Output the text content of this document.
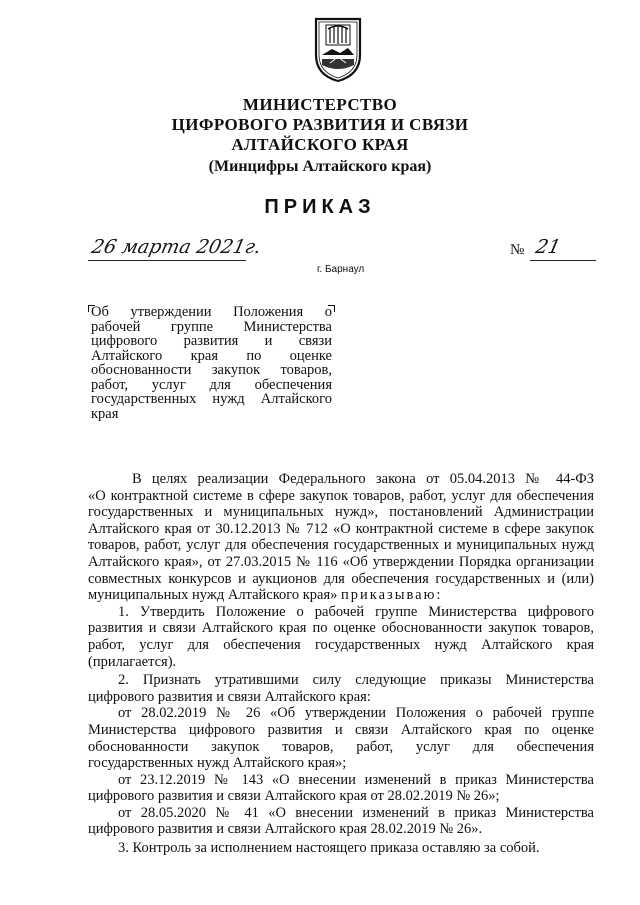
МИНИСТЕРСТВО
ЦИФРОВОГО РАЗВИТИЯ И СВЯЗИ
АЛТАЙСКОГО КРАЯ
(Минцифры Алтайского края)
ПРИКАЗ
26 марта 2021г.
г. Барнаул
№ 21
Об утверждении Положения о
рабочей группе Министерства
цифрового развития и связи
Алтайского края по оценке
обоснованности закупок товаров,
работ, услуг для обеспечения
государственных нужд Алтайского
края
В целях реализации Федерального закона от 05.04.2013 № 44-ФЗ
«О контрактной системе в сфере закупок товаров, работ, услуг для обеспечения
государственных и муниципальных нужд», постановлений Администрации
Алтайского края от 30.12.2013 № 712 «О контрактной системе в сфере закупок
товаров, работ, услуг для обеспечения государственных и муниципальных нужд
Алтайского края», от 27.03.2015 № 116 «Об утверждении Порядка организации
совместных конкурсов и аукционов для обеспечения государственных и (или)
муниципальных нужд Алтайского края» приказываю:
1. Утвердить Положение о рабочей группе Министерства цифрового
развития и связи Алтайского края по оценке обоснованности закупок товаров,
работ, услуг для обеспечения государственных нужд Алтайского края
(прилагается).
2. Признать утратившими силу следующие приказы Министерства
цифрового развития и связи Алтайского края:
от 28.02.2019 № 26 «Об утверждении Положения о рабочей группе
Министерства цифрового развития и связи Алтайского края по оценке
обоснованности закупок товаров, работ, услуг для обеспечения
государственных нужд Алтайского края»;
от 23.12.2019 № 143 «О внесении изменений в приказ Министерства
цифрового развития и связи Алтайского края от 28.02.2019 № 26»;
от 28.05.2020 № 41 «О внесении изменений в приказ Министерства
цифрового развития и связи Алтайского края 28.02.2019 № 26».
3. Контроль за исполнением настоящего приказа оставляю за собой.
